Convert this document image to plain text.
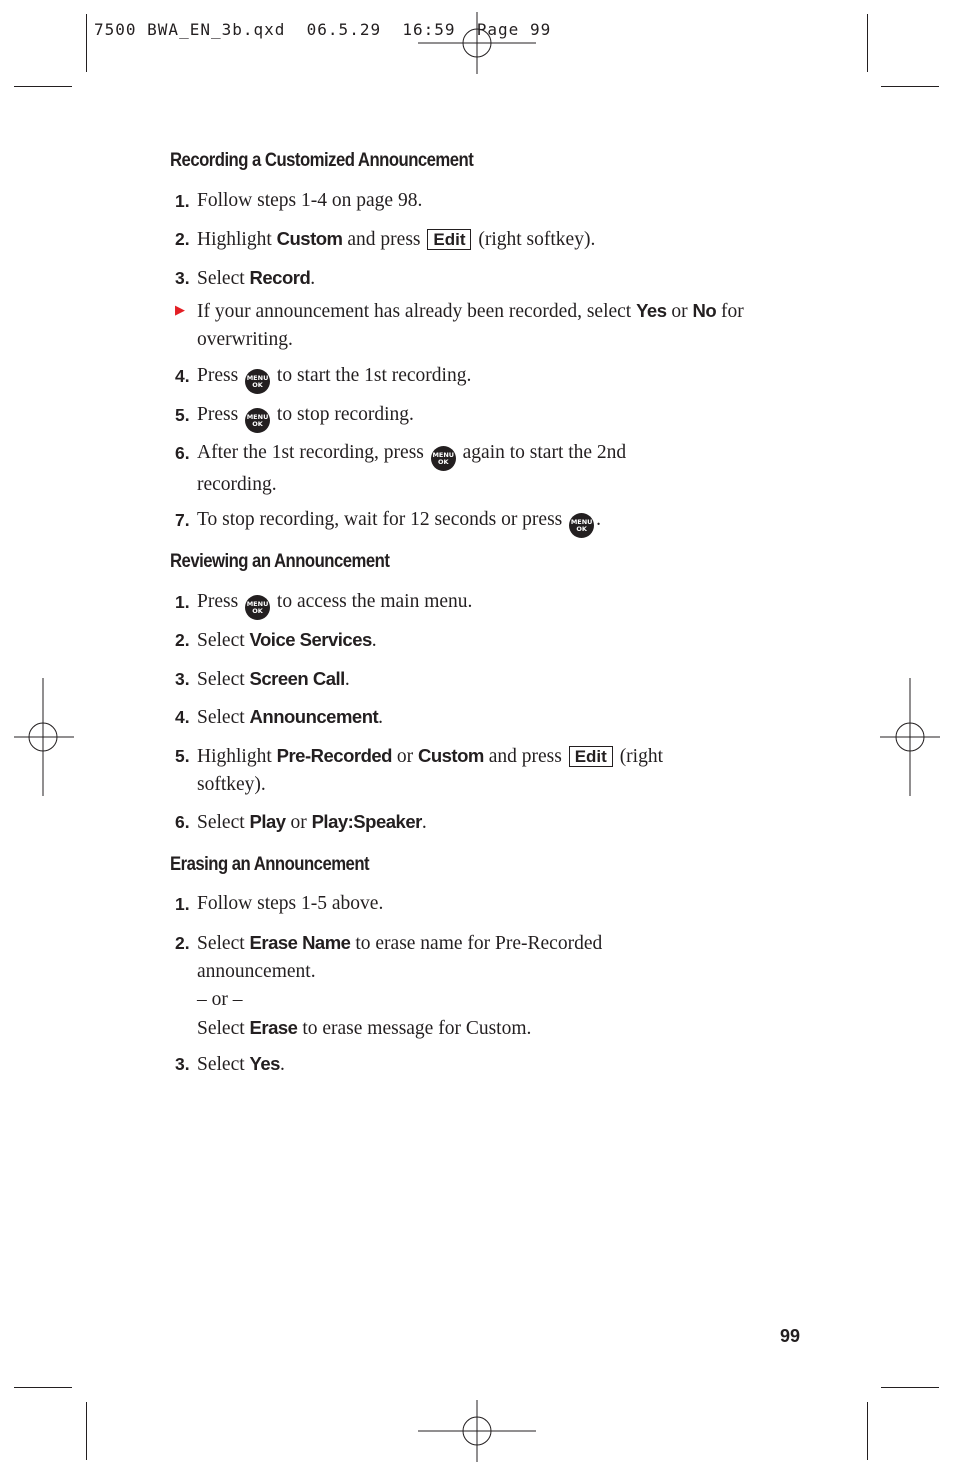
7500 BWA_EN_3b.qxd  06.5.29  16:59  Page 99
Recording a Customized Announcement
1. Follow steps 1-4 on page 98.
2. Highlight Custom and press Edit (right softkey).
3. Select Record.
▶ If your announcement has already been recorded, select Yes or No for overwriting.
4. Press MENU
OK to start the 1st recording.
5. Press MENU
OK to stop recording.
6. After the 1st recording, press MENU
OK again to start the 2nd recording.
7. To stop recording, wait for 12 seconds or press MENU
OK .
Reviewing an Announcement
1. Press MENU
OK to access the main menu.
2. Select Voice Services.
3. Select Screen Call.
4. Select Announcement.
5. Highlight Pre-Recorded or Custom and press Edit (right softkey).
6. Select Play or Play:Speaker.
Erasing an Announcement
1. Follow steps 1-5 above.
2. Select Erase Name to erase name for Pre-Recorded announcement.
– or –
Select Erase to erase message for Custom.
3. Select Yes.
99
